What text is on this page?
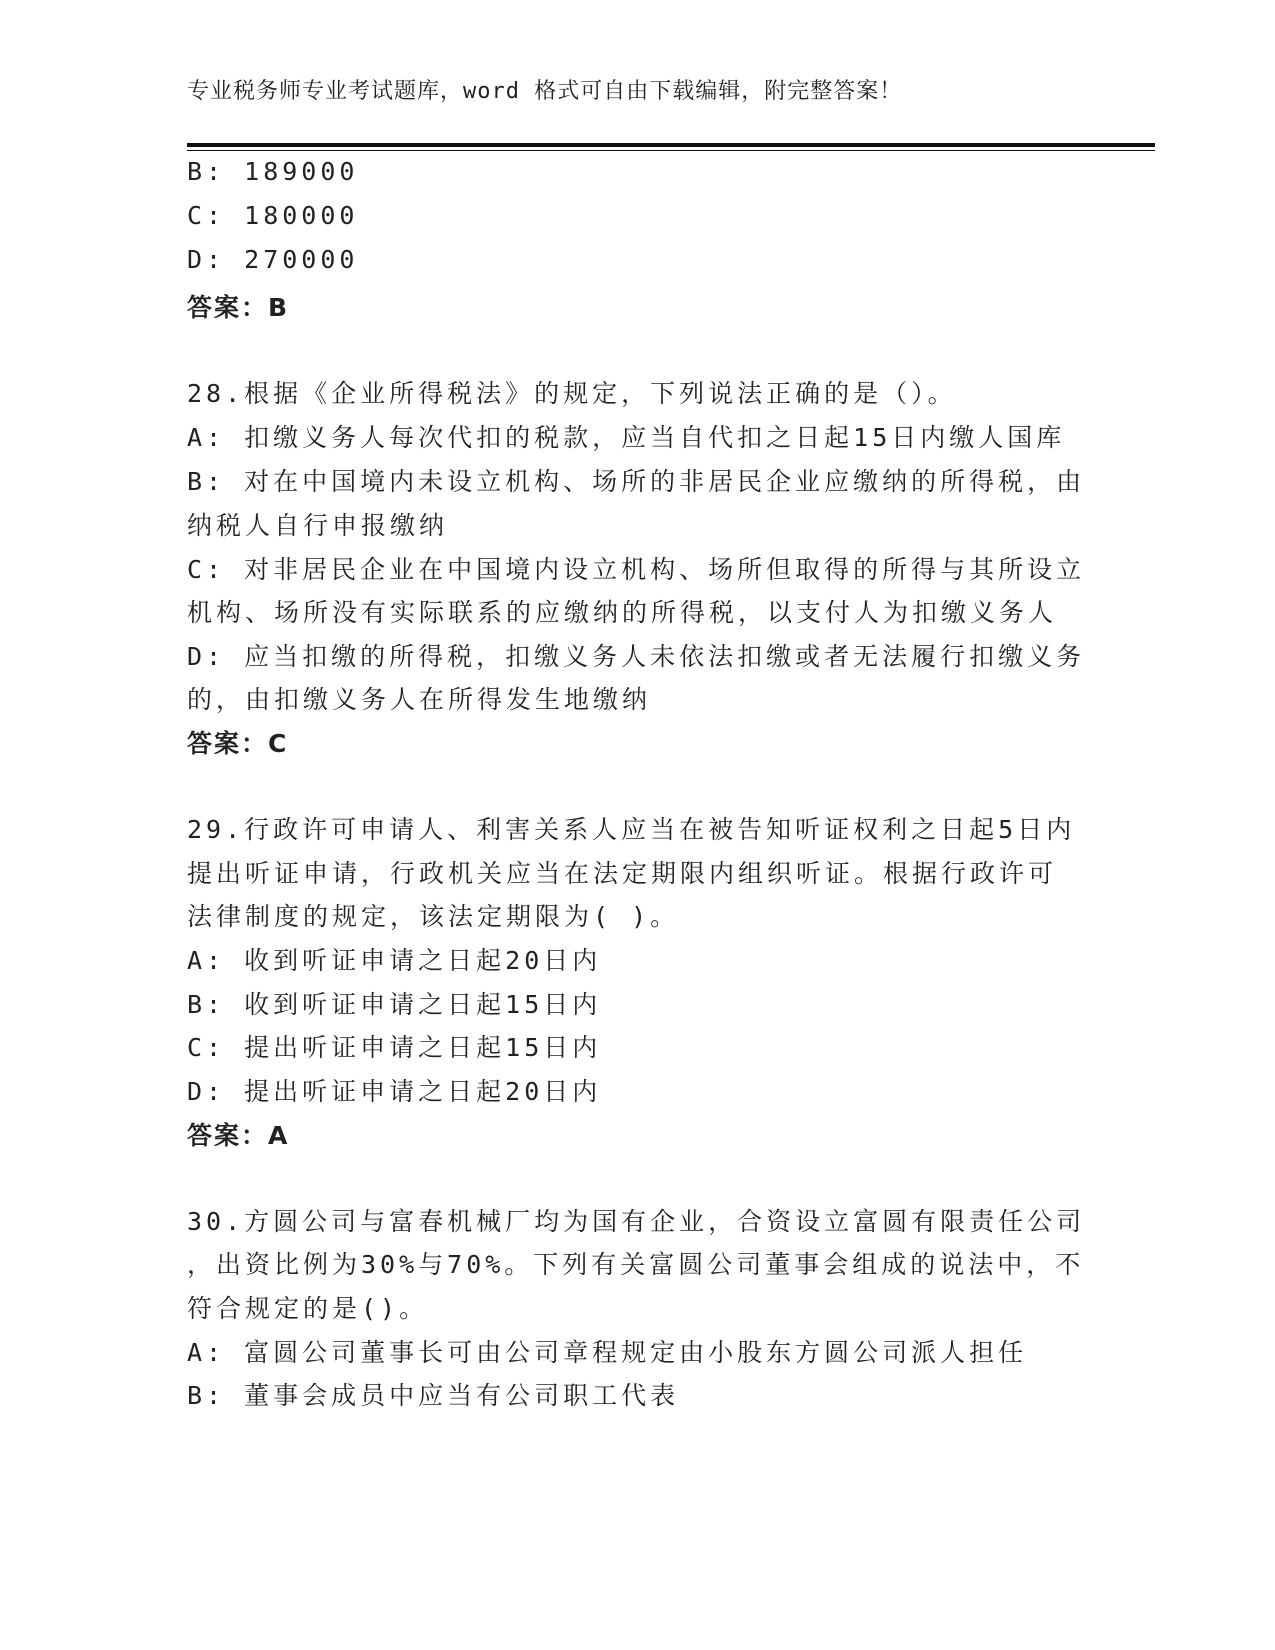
专业税务师专业考试题库，word 格式可自由下载编辑，附完整答案！
B: 189000
C: 180000
D: 270000
答案：B
28.根据《企业所得税法》的规定，下列说法正确的是（）。
A: 扣缴义务人每次代扣的税款，应当自代扣之日起15日内缴人国库
B: 对在中国境内未设立机构、场所的非居民企业应缴纳的所得税，由
纳税人自行申报缴纳
C: 对非居民企业在中国境内设立机构、场所但取得的所得与其所设立
机构、场所没有实际联系的应缴纳的所得税，以支付人为扣缴义务人
D: 应当扣缴的所得税，扣缴义务人未依法扣缴或者无法履行扣缴义务
的，由扣缴义务人在所得发生地缴纳
答案：C
29.行政许可申请人、利害关系人应当在被告知听证权利之日起5日内
提出听证申请，行政机关应当在法定期限内组织听证。根据行政许可
法律制度的规定，该法定期限为( )。
A: 收到听证申请之日起20日内
B: 收到听证申请之日起15日内
C: 提出听证申请之日起15日内
D: 提出听证申请之日起20日内
答案：A
30.方圆公司与富春机械厂均为国有企业，合资设立富圆有限责任公司
，出资比例为30%与70%。下列有关富圆公司董事会组成的说法中，不
符合规定的是()。
A: 富圆公司董事长可由公司章程规定由小股东方圆公司派人担任
B: 董事会成员中应当有公司职工代表
